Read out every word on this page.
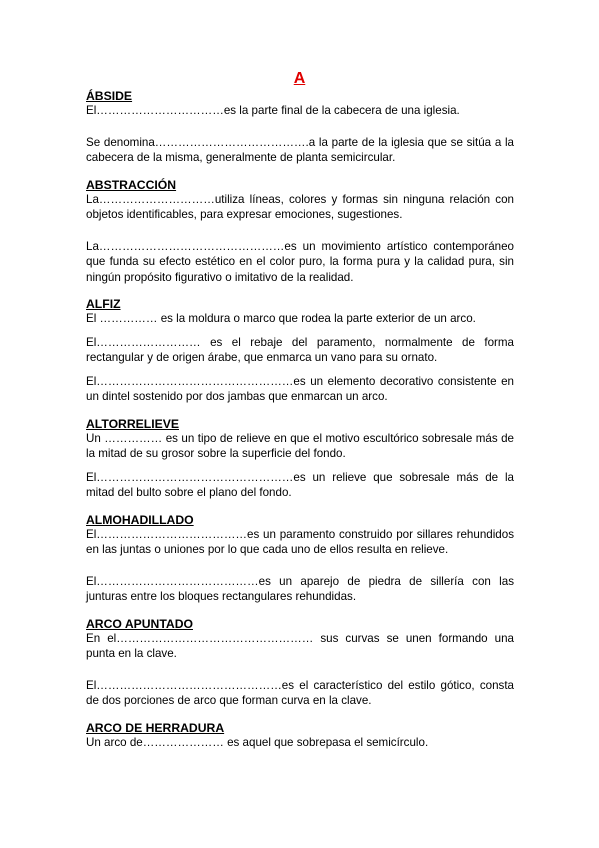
A

ÁBSIDE

El……………………………es la parte final de la cabecera de una iglesia.

Se denomina………………………………….a la parte de la iglesia que se sitúa a la cabecera de la misma, generalmente de planta semicircular.

ABSTRACCIÓN

La…………………………utiliza líneas, colores y formas sin ninguna relación con objetos identificables, para expresar emociones, sugestiones.

La…………………………………………es un movimiento artístico contemporáneo que funda su efecto estético en el color puro, la forma pura y la calidad pura, sin ningún propósito figurativo o imitativo de la realidad.

ALFIZ

El …………… es la moldura o marco que rodea la parte exterior de un arco.

El……………………… es el rebaje del paramento, normalmente de forma rectangular y de origen árabe, que enmarca un vano para su ornato.

El……………………………………………es un elemento decorativo consistente en un dintel sostenido por dos jambas que enmarcan un arco.

ALTORRELIEVE

Un …………… es un tipo de relieve en que el motivo escultórico sobresale más de la mitad de su grosor sobre la superficie del fondo.

El……………………………………………es un relieve que sobresale más de la mitad del bulto sobre el plano del fondo.

ALMOHADILLADO

El…………………………………es un paramento construido por sillares rehundidos en las juntas o uniones por lo que cada uno de ellos resulta en relieve.

El……………………………………es un aparejo de piedra de sillería con las junturas entre los bloques rectangulares rehundidas.

ARCO APUNTADO

En el…………………………………………… sus curvas se unen formando una punta en la clave.

El…………………………………………es el característico del estilo gótico, consta de dos porciones de arco que forman curva en la clave.

ARCO DE HERRADURA

Un arco de………………… es aquel que sobrepasa el semicírculo.
